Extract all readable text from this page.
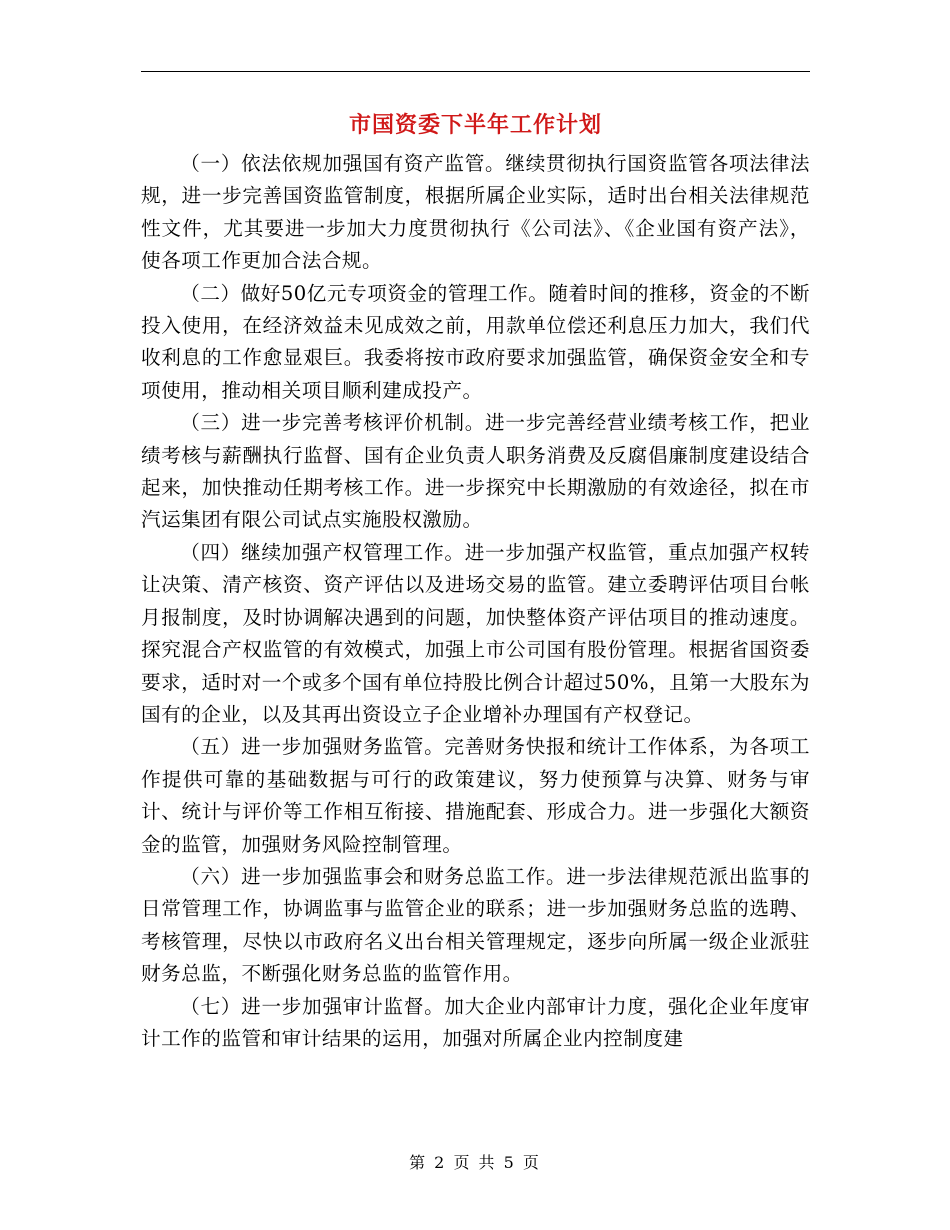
市国资委下半年工作计划

（一）依法依规加强国有资产监管。继续贯彻执行国资监管各项法律法规，进一步完善国资监管制度，根据所属企业实际，适时出台相关法律规范性文件，尤其要进一步加大力度贯彻执行《公司法》、《企业国有资产法》，使各项工作更加合法合规。

（二）做好50亿元专项资金的管理工作。随着时间的推移，资金的不断投入使用，在经济效益未见成效之前，用款单位偿还利息压力加大，我们代收利息的工作愈显艰巨。我委将按市政府要求加强监管，确保资金安全和专项使用，推动相关项目顺利建成投产。

（三）进一步完善考核评价机制。进一步完善经营业绩考核工作，把业绩考核与薪酬执行监督、国有企业负责人职务消费及反腐倡廉制度建设结合起来，加快推动任期考核工作。进一步探究中长期激励的有效途径，拟在市汽运集团有限公司试点实施股权激励。

（四）继续加强产权管理工作。进一步加强产权监管，重点加强产权转让决策、清产核资、资产评估以及进场交易的监管。建立委聘评估项目台帐月报制度，及时协调解决遇到的问题，加快整体资产评估项目的推动速度。探究混合产权监管的有效模式，加强上市公司国有股份管理。根据省国资委要求，适时对一个或多个国有单位持股比例合计超过50%，且第一大股东为国有的企业，以及其再出资设立子企业增补办理国有产权登记。

（五）进一步加强财务监管。完善财务快报和统计工作体系，为各项工作提供可靠的基础数据与可行的政策建议，努力使预算与决算、财务与审计、统计与评价等工作相互衔接、措施配套、形成合力。进一步强化大额资金的监管，加强财务风险控制管理。

（六）进一步加强监事会和财务总监工作。进一步法律规范派出监事的日常管理工作，协调监事与监管企业的联系；进一步加强财务总监的选聘、考核管理，尽快以市政府名义出台相关管理规定，逐步向所属一级企业派驻财务总监，不断强化财务总监的监管作用。

（七）进一步加强审计监督。加大企业内部审计力度，强化企业年度审计工作的监管和审计结果的运用，加强对所属企业内控制度建

第 2 页 共 5 页
